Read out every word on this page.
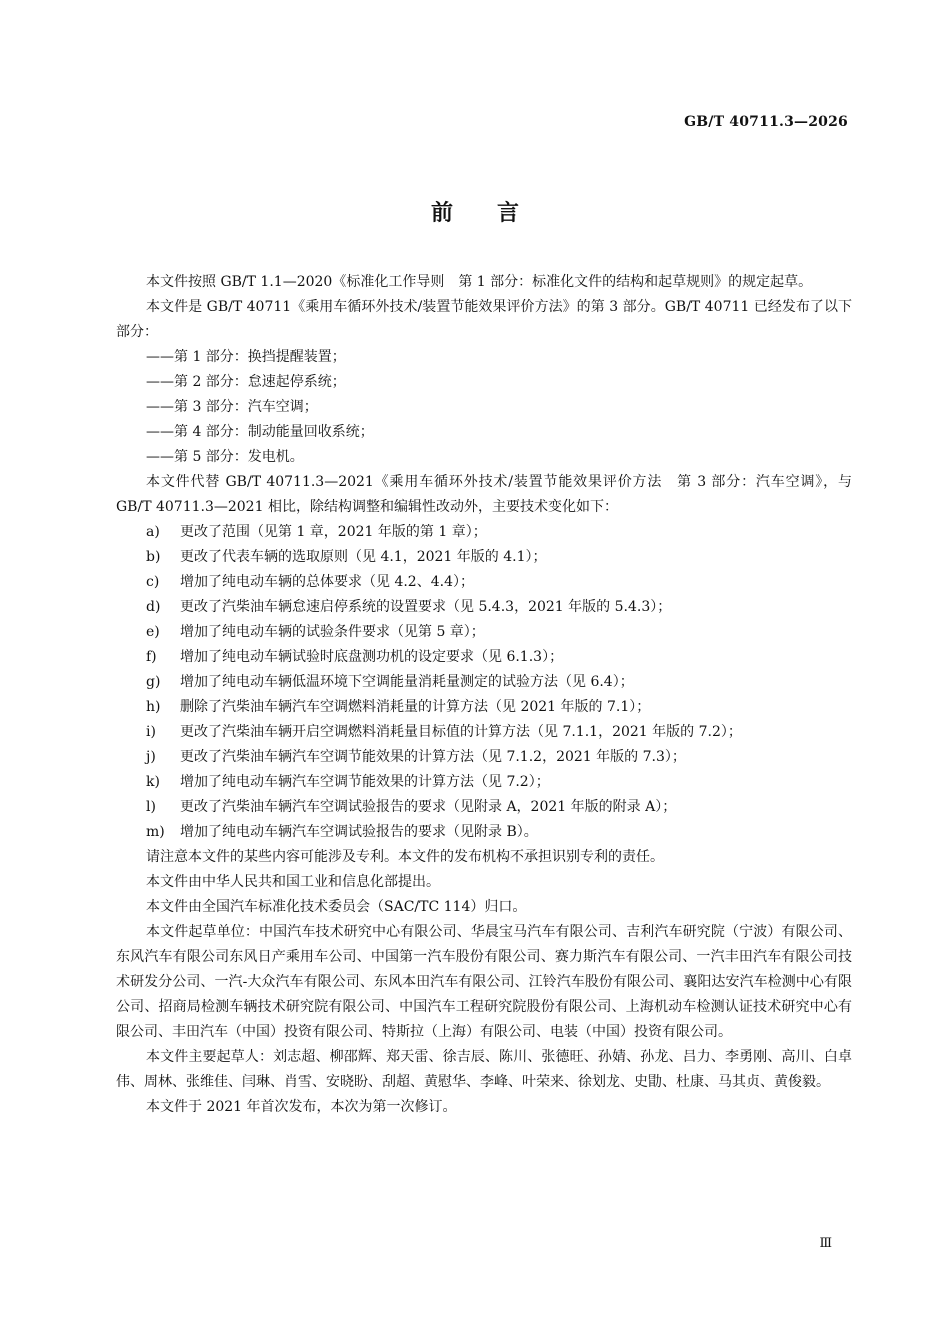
GB/T 40711.3—2026
前言

本文件按照 GB/T 1.1—2020《标准化工作导则　第 1 部分：标准化文件的结构和起草规则》的规定起草。

本文件是 GB/T 40711《乘用车循环外技术/装置节能效果评价方法》的第 3 部分。GB/T 40711 已经发布了以下部分：

——第 1 部分：换挡提醒装置；

——第 2 部分：怠速起停系统；

——第 3 部分：汽车空调；

——第 4 部分：制动能量回收系统；

——第 5 部分：发电机。

本文件代替 GB/T 40711.3—2021《乘用车循环外技术/装置节能效果评价方法　第 3 部分：汽车空调》，与 GB/T 40711.3—2021 相比，除结构调整和编辑性改动外，主要技术变化如下：

a)	更改了范围（见第 1 章，2021 年版的第 1 章）；
b)	更改了代表车辆的选取原则（见 4.1，2021 年版的 4.1）；
c)	增加了纯电动车辆的总体要求（见 4.2、4.4）；
d)	更改了汽柴油车辆怠速启停系统的设置要求（见 5.4.3，2021 年版的 5.4.3）；
e)	增加了纯电动车辆的试验条件要求（见第 5 章）；
f)	增加了纯电动车辆试验时底盘测功机的设定要求（见 6.1.3）；
g)	增加了纯电动车辆低温环境下空调能量消耗量测定的试验方法（见 6.4）；
h)	删除了汽柴油车辆汽车空调燃料消耗量的计算方法（见 2021 年版的 7.1）；
i)	更改了汽柴油车辆开启空调燃料消耗量目标值的计算方法（见 7.1.1，2021 年版的 7.2）；
j)	更改了汽柴油车辆汽车空调节能效果的计算方法（见 7.1.2，2021 年版的 7.3）；
k)	增加了纯电动车辆汽车空调节能效果的计算方法（见 7.2）；
l)	更改了汽柴油车辆汽车空调试验报告的要求（见附录 A，2021 年版的附录 A）；
m)	增加了纯电动车辆汽车空调试验报告的要求（见附录 B）。

请注意本文件的某些内容可能涉及专利。本文件的发布机构不承担识别专利的责任。

本文件由中华人民共和国工业和信息化部提出。

本文件由全国汽车标准化技术委员会（SAC/TC 114）归口。

本文件起草单位：中国汽车技术研究中心有限公司、华晨宝马汽车有限公司、吉利汽车研究院（宁波）有限公司、东风汽车有限公司东风日产乘用车公司、中国第一汽车股份有限公司、赛力斯汽车有限公司、一汽丰田汽车有限公司技术研发分公司、一汽-大众汽车有限公司、东风本田汽车有限公司、江铃汽车股份有限公司、襄阳达安汽车检测中心有限公司、招商局检测车辆技术研究院有限公司、中国汽车工程研究院股份有限公司、上海机动车检测认证技术研究中心有限公司、丰田汽车（中国）投资有限公司、特斯拉（上海）有限公司、电装（中国）投资有限公司。

本文件主要起草人：刘志超、柳邵辉、郑天雷、徐吉辰、陈川、张德旺、孙婧、孙龙、吕力、李勇刚、高川、白卓伟、周林、张维佳、闫琳、肖雪、安晓盼、刮超、黄慰华、李峰、叶荣来、徐划龙、史勖、杜康、马其贞、黄俊毅。

本文件于 2021 年首次发布，本次为第一次修订。

Ⅲ
